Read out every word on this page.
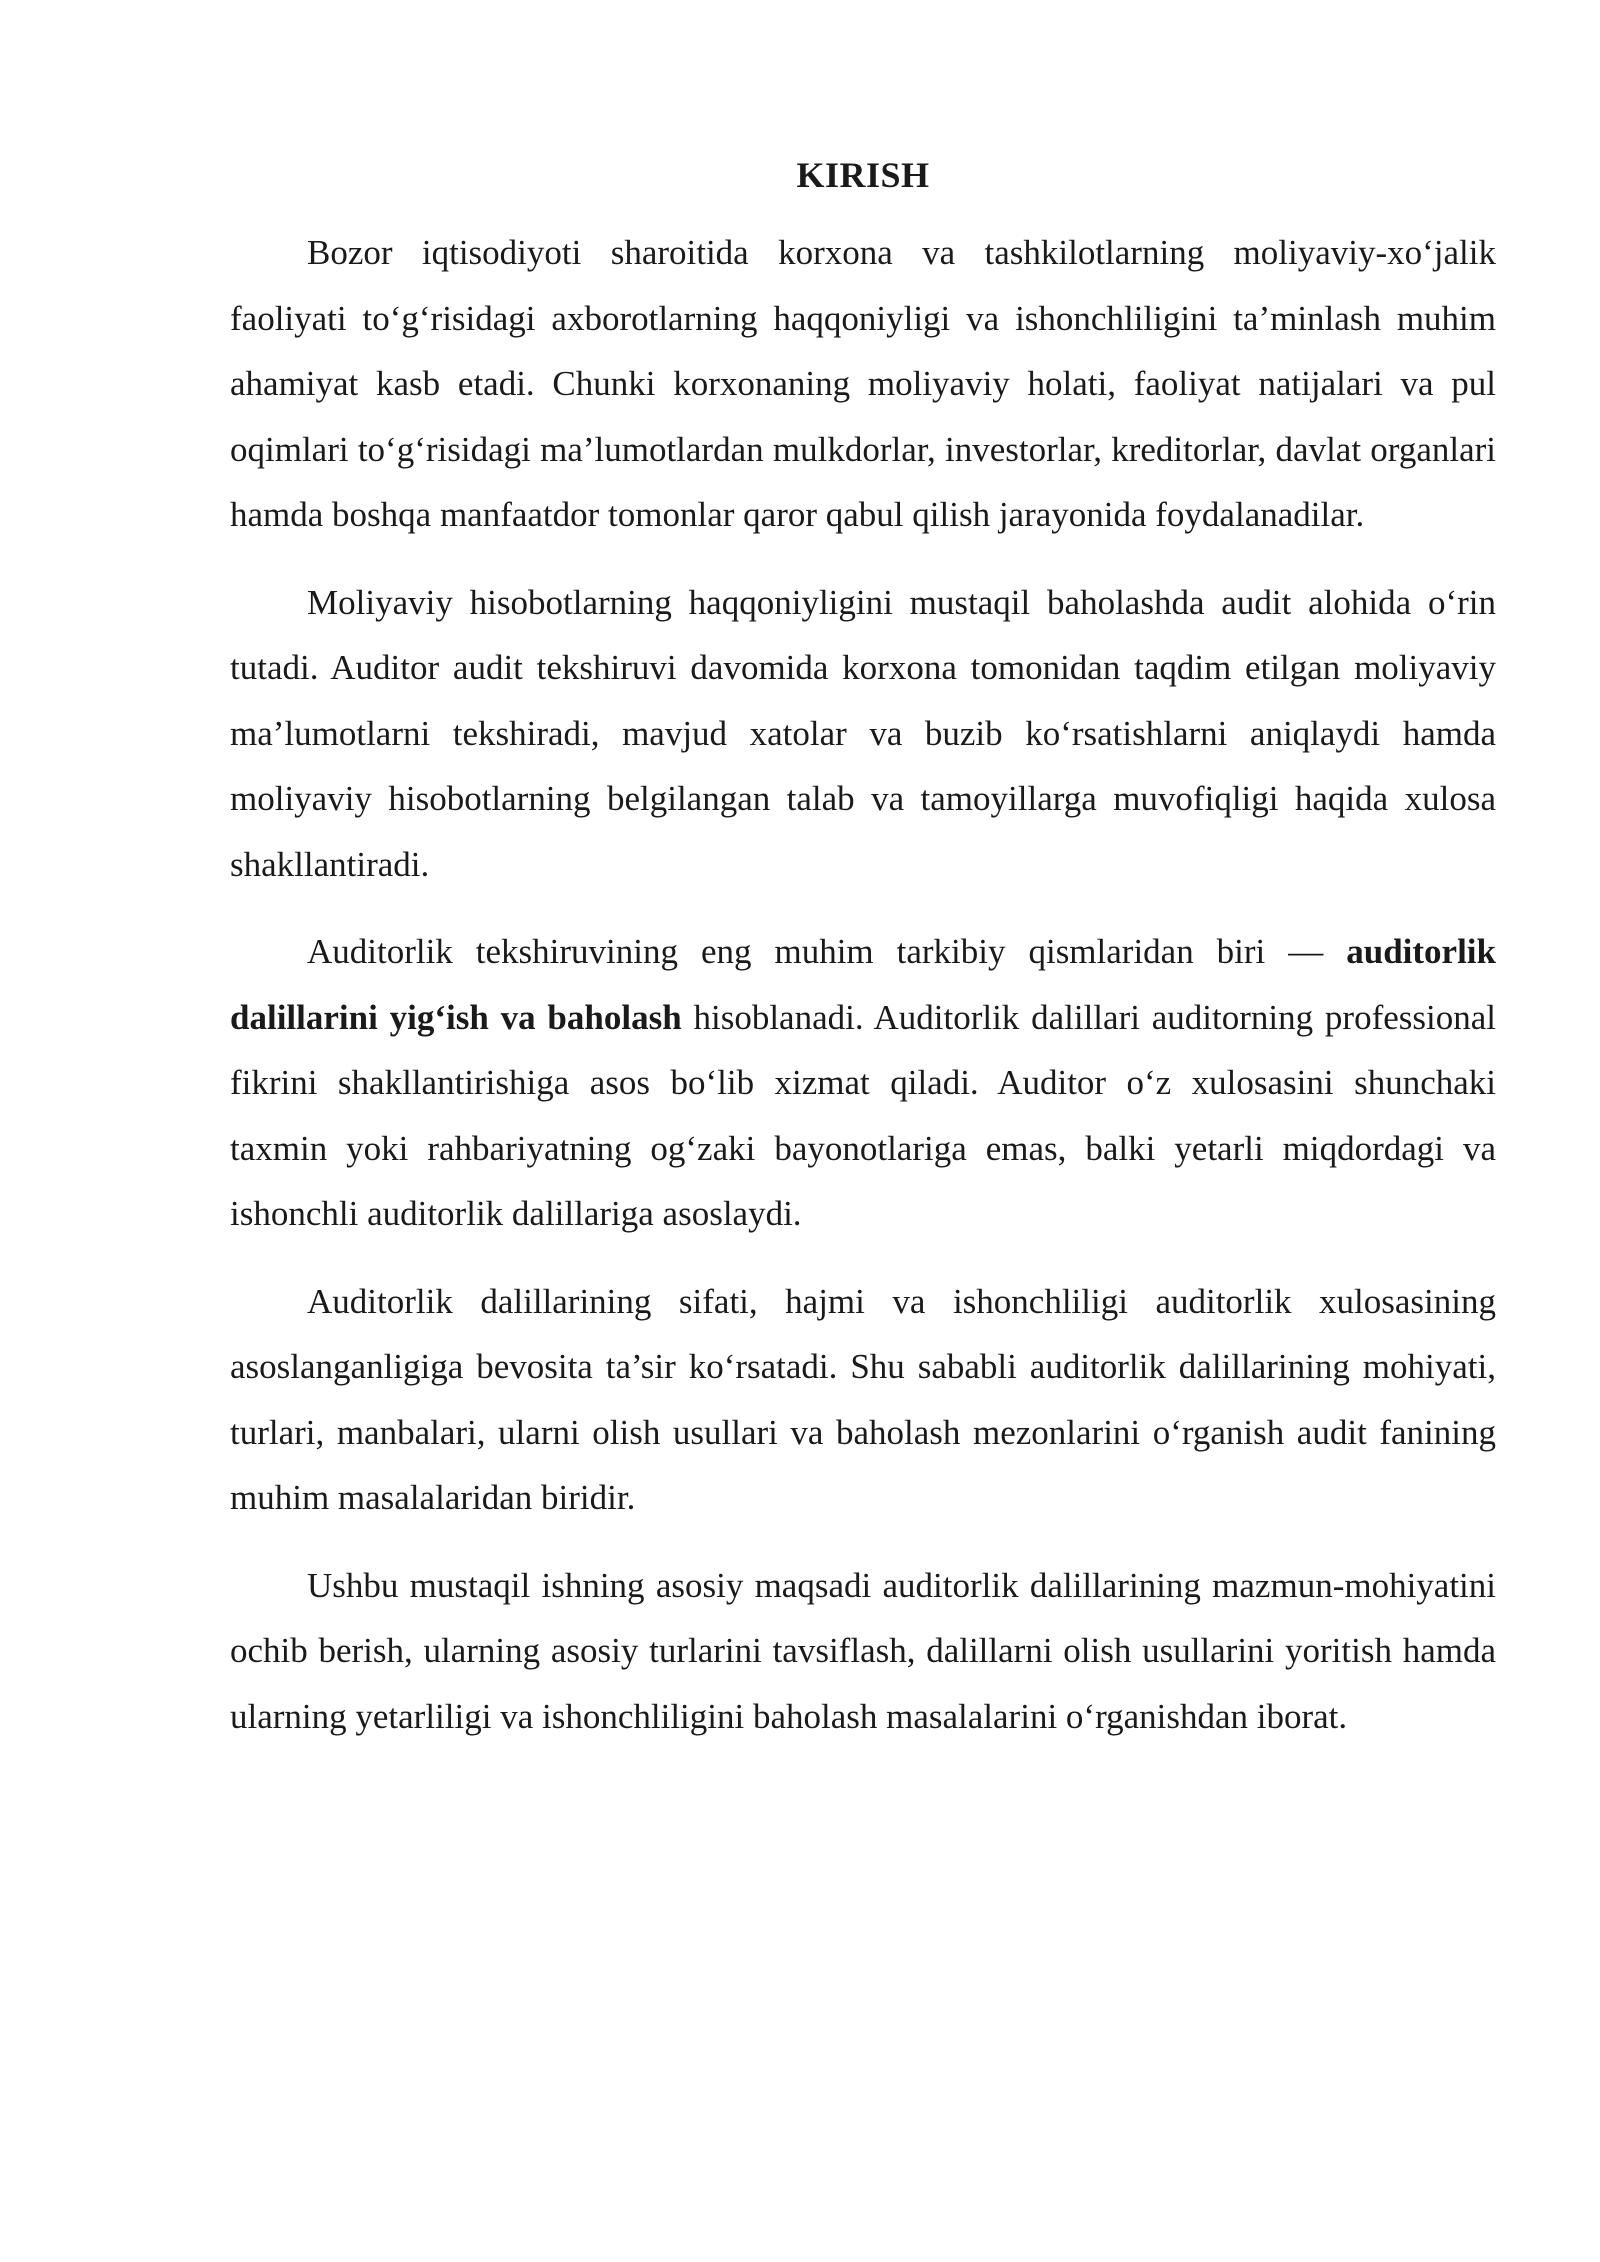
KIRISH

Bozor iqtisodiyoti sharoitida korxona va tashkilotlarning moliyaviy-xo‘jalik faoliyati to‘g‘risidagi axborotlarning haqqoniyligi va ishonchliligini ta’minlash muhim ahamiyat kasb etadi. Chunki korxonaning moliyaviy holati, faoliyat natijalari va pul oqimlari to‘g‘risidagi ma’lumotlardan mulkdorlar, investorlar, kreditorlar, davlat organlari hamda boshqa manfaatdor tomonlar qaror qabul qilish jarayonida foydalanadilar.

Moliyaviy hisobotlarning haqqoniyligini mustaqil baholashda audit alohida o‘rin tutadi. Auditor audit tekshiruvi davomida korxona tomonidan taqdim etilgan moliyaviy ma’lumotlarni tekshiradi, mavjud xatolar va buzib ko‘rsatishlarni aniqlaydi hamda moliyaviy hisobotlarning belgilangan talab va tamoyillarga muvofiqligi haqida xulosa shakllantiradi.

Auditorlik tekshiruvining eng muhim tarkibiy qismlaridan biri — auditorlik dalillarini yig‘ish va baholash hisoblanadi. Auditorlik dalillari auditorning professional fikrini shakllantirishiga asos bo‘lib xizmat qiladi. Auditor o‘z xulosasini shunchaki taxmin yoki rahbariyatning og‘zaki bayonotlariga emas, balki yetarli miqdordagi va ishonchli auditorlik dalillariga asoslaydi.

Auditorlik dalillarining sifati, hajmi va ishonchliligi auditorlik xulosasining asoslanganligiga bevosita ta’sir ko‘rsatadi. Shu sababli auditorlik dalillarining mohiyati, turlari, manbalari, ularni olish usullari va baholash mezonlarini o‘rganish audit fanining muhim masalalaridan biridir.

Ushbu mustaqil ishning asosiy maqsadi auditorlik dalillarining mazmun-mohiyatini ochib berish, ularning asosiy turlarini tavsiflash, dalillarni olish usullarini yoritish hamda ularning yetarliligi va ishonchliligini baholash masalalarini o‘rganishdan iborat.
